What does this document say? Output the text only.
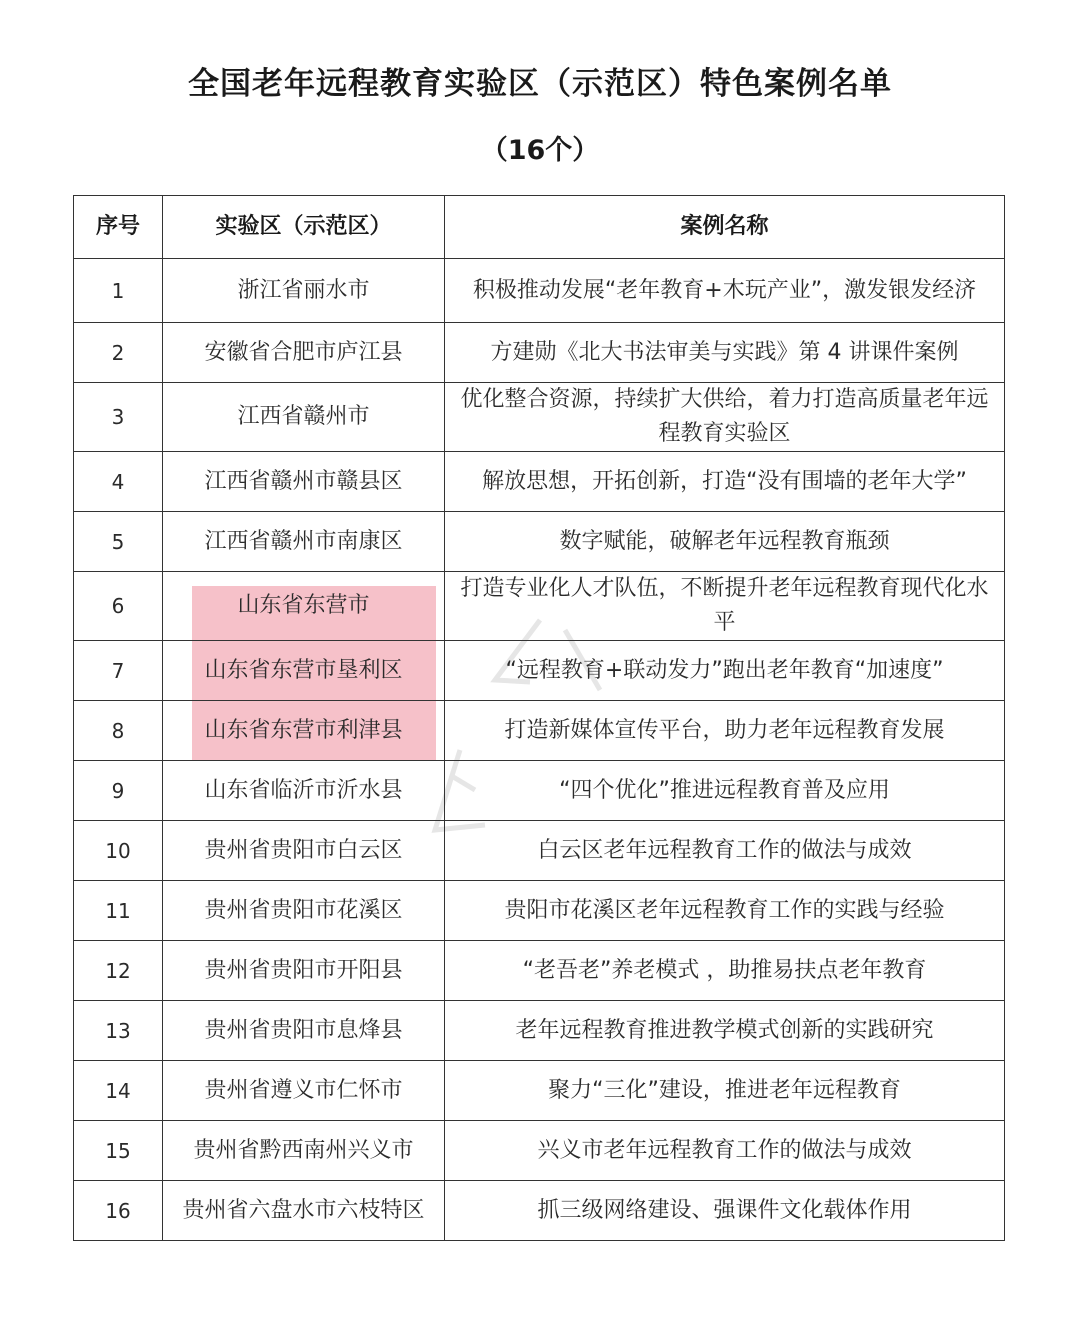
全国老年远程教育实验区（示范区）特色案例名单
（16个）
序号	实验区（示范区）	案例名称
1	浙江省丽水市	积极推动发展“老年教育+木玩产业”，激发银发经济
2	安徽省合肥市庐江县	方建勋《北大书法审美与实践》第 4 讲课件案例
3	江西省赣州市	优化整合资源，持续扩大供给，着力打造高质量老年远程教育实验区
4	江西省赣州市赣县区	解放思想，开拓创新，打造“没有围墙的老年大学”
5	江西省赣州市南康区	数字赋能，破解老年远程教育瓶颈
6	山东省东营市	打造专业化人才队伍，不断提升老年远程教育现代化水平
7	山东省东营市垦利区	“远程教育+联动发力”跑出老年教育“加速度”
8	山东省东营市利津县	打造新媒体宣传平台，助力老年远程教育发展
9	山东省临沂市沂水县	“四个优化”推进远程教育普及应用
10	贵州省贵阳市白云区	白云区老年远程教育工作的做法与成效
11	贵州省贵阳市花溪区	贵阳市花溪区老年远程教育工作的实践与经验
12	贵州省贵阳市开阳县	“老吾老”养老模式 ，助推易扶点老年教育
13	贵州省贵阳市息烽县	老年远程教育推进教学模式创新的实践研究
14	贵州省遵义市仁怀市	聚力“三化”建设，推进老年远程教育
15	贵州省黔西南州兴义市	兴义市老年远程教育工作的做法与成效
16	贵州省六盘水市六枝特区	抓三级网络建设、强课件文化载体作用
